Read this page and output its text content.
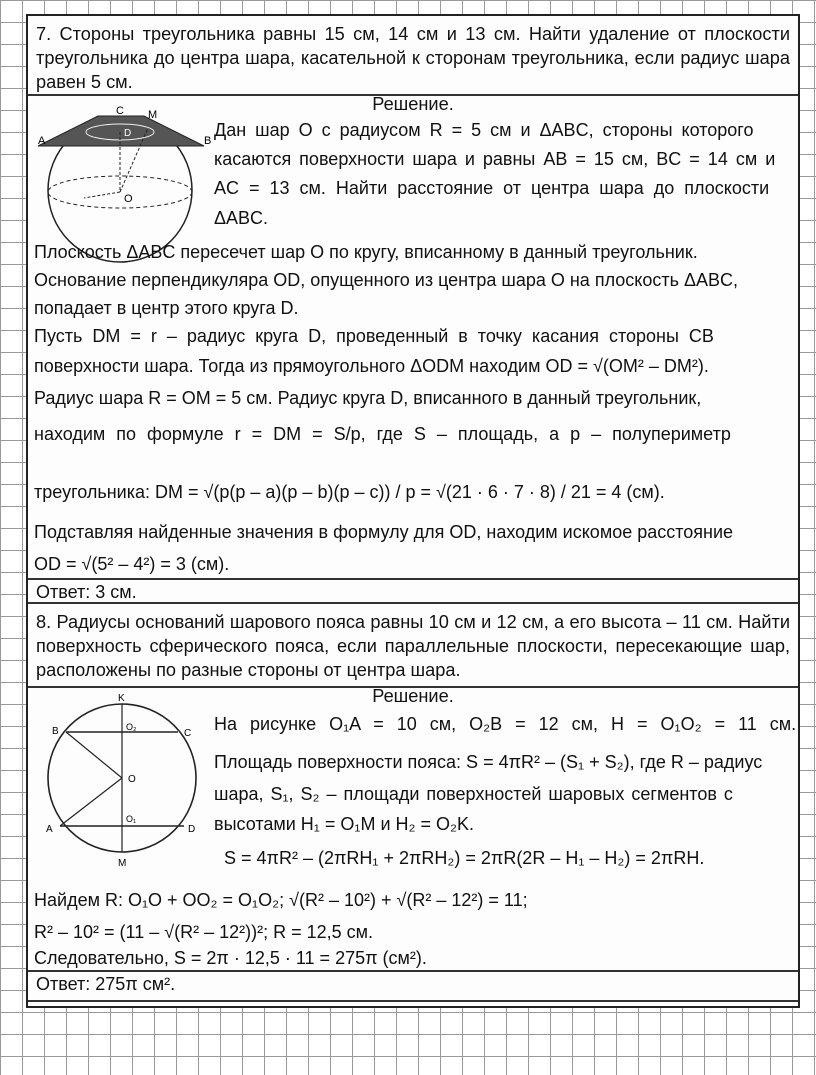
7. Стороны треугольника равны 15 см, 14 см и 13 см. Найти удаление от плоскости треугольника до центра шара, касательной к сторонам треугольника, если радиус шара равен 5 см.
Решение.
A	B
C M
D
O
Дан шар O с радиусом R = 5 см и ΔABC, стороны которого
касаются поверхности шара и равны AB = 15 см, BC = 14 см и
AC = 13 см. Найти расстояние от центра шара до плоскости
ΔABC.
Плоскость ΔABC пересечет шар O по кругу, вписанному в данный треугольник.
Основание перпендикуляра OD, опущенного из центра шара O на плоскость ΔABC,
попадает в центр этого круга D.
Пусть DM = r – радиус круга D, проведенный в точку касания стороны CB
поверхности шара. Тогда из прямоугольного ΔODM находим OD = √(OM² – DM²).
Радиус шара R = OM = 5 см. Радиус круга D, вписанного в данный треугольник,
находим по формуле r = DM = S/p, где S – площадь, а p – полупериметр
треугольника: DM = √(p(p – a)(p – b)(p – c)) / p = √(21 · 6 · 7 · 8) / 21 = 4 (см).
Подставляя найденные значения в формулу для OD, находим искомое расстояние
OD = √(5² – 4²) = 3 (см).
Ответ: 3 см.
8. Радиусы оснований шарового пояса равны 10 см и 12 см, а его высота – 11 см. Найти поверхность сферического пояса, если параллельные плоскости, пересекающие шар, расположены по разные стороны от центра шара.
Решение.
K
B	C
O₂
O
O₁
A	D
M
На рисунке O₁A = 10 см, O₂B = 12 см, H = O₁O₂ = 11 см.
Площадь поверхности пояса: S = 4πR² – (S₁ + S₂), где R – радиус
шара, S₁, S₂ – площади поверхностей шаровых сегментов с
высотами H₁ = O₁M и H₂ = O₂K.
S = 4πR² – (2πRH₁ + 2πRH₂) = 2πR(2R – H₁ – H₂) = 2πRH.
Найдем R: O₁O + OO₂ = O₁O₂; √(R² – 10²) + √(R² – 12²) = 11;
R² – 10² = (11 – √(R² – 12²))²; R = 12,5 см.
Следовательно, S = 2π · 12,5 · 11 = 275π (см²).
Ответ: 275π см².
